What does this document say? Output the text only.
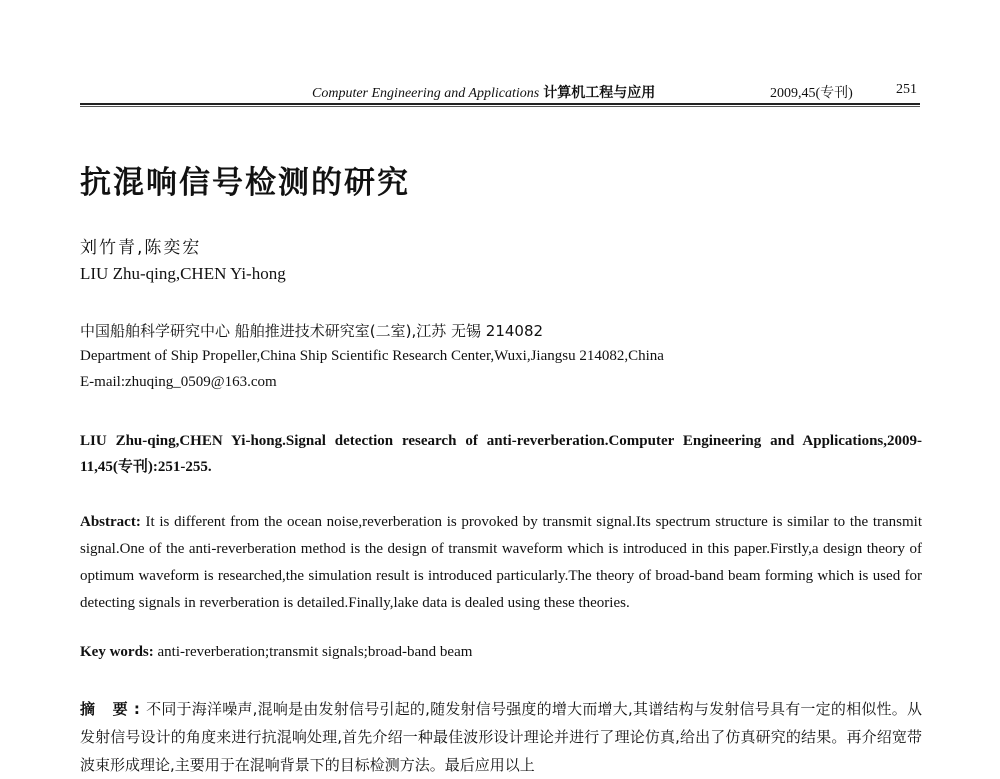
Computer Engineering and Applications 计算机工程与应用	2009,45(专刊)	251
抗混响信号检测的研究
刘竹青,陈奕宏
LIU Zhu-qing,CHEN Yi-hong
中国船舶科学研究中心 船舶推进技术研究室(二室),江苏 无锡 214082
Department of Ship Propeller,China Ship Scientific Research Center,Wuxi,Jiangsu 214082,China
E-mail:zhuqing_0509@163.com

LIU Zhu-qing,CHEN Yi-hong.Signal detection research of anti-reverberation.Computer Engineering and Applications,2009-11,45(专刊):251-255.

Abstract: It is different from the ocean noise,reverberation is provoked by transmit signal.Its spectrum structure is similar to the transmit signal.One of the anti-reverberation method is the design of transmit waveform which is introduced in this paper.Firstly,a design theory of optimum waveform is researched,the simulation result is introduced particularly.The theory of broad-band beam forming which is used for detecting signals in reverberation is detailed.Finally,lake data is dealed using these theories.

Key words: anti-reverberation;transmit signals;broad-band beam

摘 要:不同于海洋噪声,混响是由发射信号引起的,随发射信号强度的增大而增大,其谱结构与发射信号具有一定的相似性。从发射信号设计的角度来进行抗混响处理,首先介绍一种最佳波形设计理论并进行了理论仿真,给出了仿真研究的结果。再介绍宽带波束形成理论,主要用于在混响背景下的目标检测方法。最后应用以上
